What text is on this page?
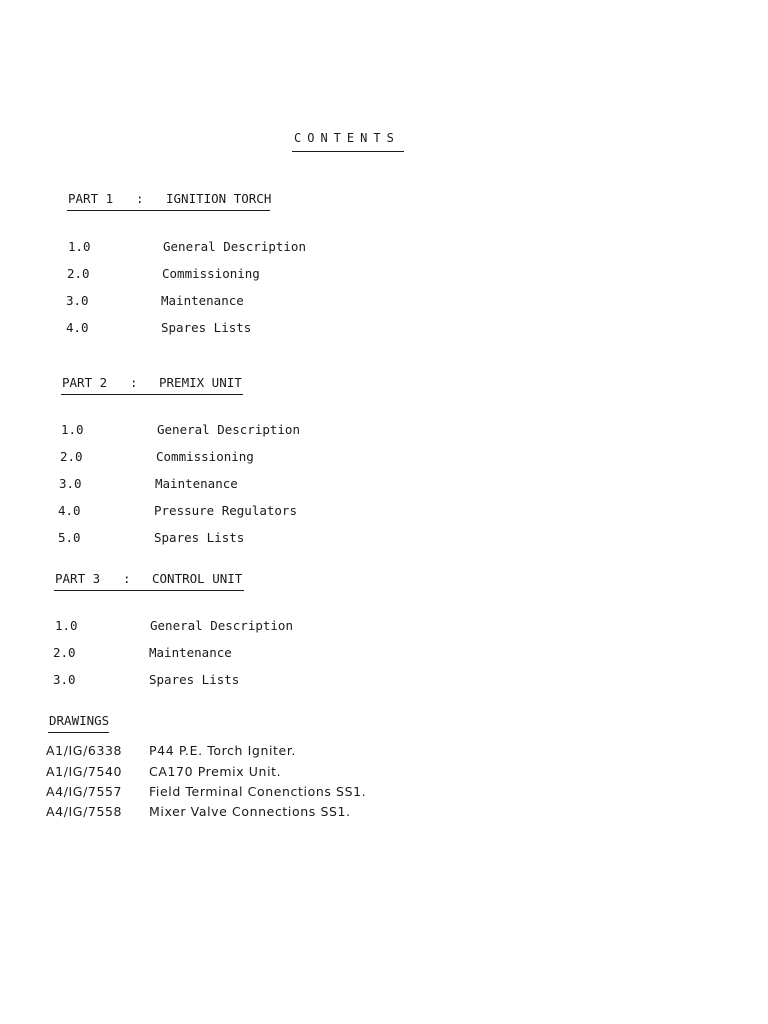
CONTENTS
PART 1 : IGNITION TORCH
1.0	General Description
2.0	Commissioning
3.0	Maintenance
4.0	Spares Lists
PART 2 : PREMIX UNIT
1.0	General Description
2.0	Commissioning
3.0	Maintenance
4.0	Pressure Regulators
5.0	Spares Lists
PART 3 : CONTROL UNIT
1.0	General Description
2.0	Maintenance
3.0	Spares Lists
DRAWINGS
A1/IG/6338 P44 P.E. Torch Igniter.
A1/IG/7540 CA170 Premix Unit.
A4/IG/7557 Field Terminal Conenctions SS1.
A4/IG/7558 Mixer Valve Connections SS1.
